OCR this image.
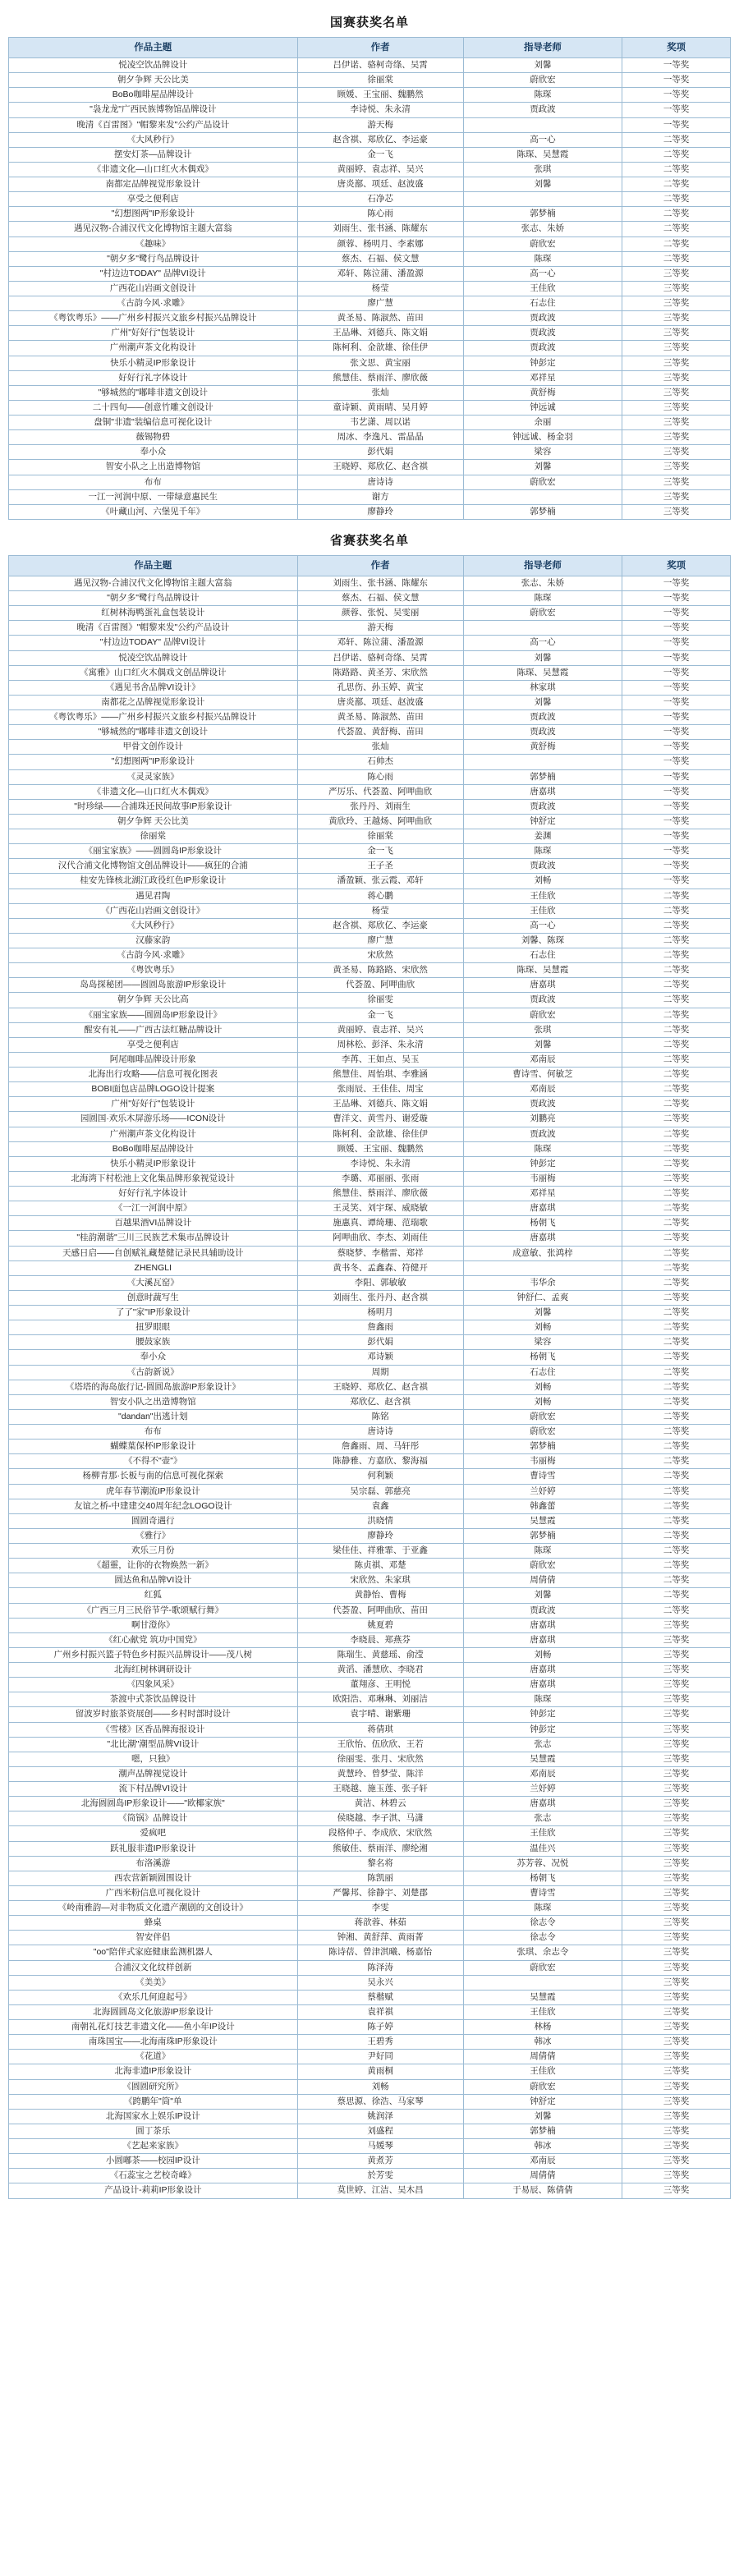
国赛获奖名单
作品主题	作者	指导老师	奖项
悦凌空饮品牌设计	吕伊诺、骆柯奇绦、吴霄	刘馨	一等奖
朝夕争辉 天公比美	徐丽棠	蔚欣宏	一等奖
BoBo咖啡屋品牌设计	顾媛、王宝丽、魏鹏然	陈琛	一等奖
"袅龙龙"广西民族博物馆品牌设计	李诗悦、朱永清	贾政波	一等奖
晚清《百雷图》"帽黎来发"公约产品设计	游天梅		一等奖
《大风秒行》	赵含祺、郑欣亿、李运豪	高一心	二等奖
摆安灯茶—品牌设计	金一飞	陈琛、吴慧霞	二等奖
《非遗文化—山口红火木偶戏》	黄丽婷、袁志祥、吴兴	张琪	二等奖
南都定品牌视觉形象设计	唐炎鄯、项廷、赵波盛	刘馨	二等奖
享受之便利店	石净芯		二等奖
"幻想图两"IP形象设计	陈心雨	郭梦楠	二等奖
遇见汉物-合浦汉代文化博物馆主题大富翁	刘雨生、张书涵、陈耀东	张志、朱娇	二等奖
《趣味》	颜蓉、杨明月、李素娜	蔚欣宏	二等奖
"朝夕多"鹭行鸟品牌设计	蔡杰、石福、侯文慧	陈琛	二等奖
"村边边TODAY" 品牌VI设计	邓轩、陈泣蒲、潘盈源	高一心	三等奖
广西花山岩画文创设计	杨莹	王佳欣	三等奖
《古韵今风·求雕》	廖广慧	石志住	三等奖
《粤饮粤乐》——广州乡村振兴文旅乡村振兴品牌设计	黄圣易、陈淑然、苗田	贾政波	三等奖
广州"好好行"包装设计	王品琳、刘德兵、陈文娟	贾政波	三等奖
广州潮声茶文化构设计	陈柯利、金歆雄、徐佳伊	贾政波	三等奖
快乐小精灵IP形象设计	张文思、黄宝丽	钟彭定	三等奖
好好行礼字体设计	熊慧佳、蔡雨洋、廖欣薇	邓祥星	三等奖
"够城然的"嘟啡非遗文创设计	张灿	黄舒梅	三等奖
二十四旬——创意竹雕文创设计	童诗颖、黄雨晴、吴月婷	钟远诚	三等奖
盘铜"非遗"装编信息可视化设计	韦艺潇、周以诺	余丽	三等奖
薇锡物碧	周冰、李逸凡、雷晶晶	钟远诚、杨金羽	三等奖
奉小众	彭代娟	梁容	三等奖
智安小队之上出造博物馆	王晓婷、郑欣亿、赵含祺	刘馨	三等奖
布布	唐诗诗	蔚欣宏	三等奖
一江一河润中原、一带绿意惠民生	谢方		三等奖
《叶藏山河、六堡见千年》	廖静玲	郭梦楠	三等奖
省赛获奖名单
作品主题	作者	指导老师	奖项
遇见汉物-合浦汉代文化博物馆主题大富翁	刘雨生、张书涵、陈耀东	张志、朱娇	一等奖
"朝夕多"鹭行鸟品牌设计	蔡杰、石福、侯文慧	陈琛	一等奖
红树林海鸭蛋礼盒包装设计	颜蓉、张悦、吴雯丽	蔚欣宏	一等奖
晚清《百雷图》"帽黎来发"公约产品设计	游天梅		一等奖
"村边边TODAY" 品牌VI设计	邓轩、陈泣蒲、潘盈源	高一心	一等奖
悦凌空饮品牌设计	吕伊诺、骆柯奇绦、吴霄	刘馨	一等奖
《寓雅》山口红火木偶戏文创品牌设计	陈路路、黄圣芳、宋欣然	陈琛、吴慧霞	一等奖
《遇见书舍品牌VI设计》	孔思伤、孙玉婷、黄宝	林家琪	一等奖
南都花之品牌视觉形象设计	唐炎鄯、项廷、赵波盛	刘馨	一等奖
《粤饮粤乐》——广州乡村振兴文旅乡村振兴品牌设计	黄圣易、陈淑然、苗田	贾政波	一等奖
"够城然的"嘟啡非遗文创设计	代荟盈、黄舒梅、苗田	贾政波	一等奖
甲骨文创作设计	张灿	黄舒梅	一等奖
"幻想图两"IP形象设计	石帅杰		一等奖
《灵灵家族》	陈心雨	郭梦楠	一等奖
《非遗文化—山口红火木偶戏》	严厉乐、代荟盈、阿呷曲欣	唐嘉琪	一等奖
"时珍绿——合浦珠还民间故事IP形象设计	张丹丹、刘雨生	贾政波	一等奖
朝夕争辉 天公比美	黄欣玲、王越炀、阿呷曲欣	钟舒定	一等奖
徐丽棠	徐丽棠	姜渊	一等奖
《丽宝家族》——圆圆岛IP形象设计	金一飞	陈琛	一等奖
汉代合浦文化博物馆文创品牌设计——疯狂的合浦	王子圣	贾政波	一等奖
桂安先锋核北湖江政役红色IP形象设计	潘盈颖、张云霞、邓轩	刘畅	一等奖
遇见君陶	蒋心鹏	王佳欣	二等奖
《广西花山岩画文创设计》	杨莹	王佳欣	二等奖
《大风秒行》	赵含祺、郑欣亿、李运豪	高一心	二等奖
汉藤家韵	廖广慧	刘馨、陈琛	二等奖
《古韵今风·求雕》	宋欣然	石志住	二等奖
《粤饮粤乐》	黄圣易、陈路路、宋欣然	陈琛、吴慧霞	二等奖
岛岛探秘团——圆圆岛旅游IP形象设计	代荟盈、阿呷曲欣	唐嘉琪	二等奖
朝夕争辉 天公比高	徐丽雯	贾政波	二等奖
《丽宝家族——圆圆岛IP形象设计》	金一飞	蔚欣宏	二等奖
醒安有礼——广西古法红糖品牌设计	黄丽婷、袁志祥、吴兴	张琪	二等奖
享受之便利店	周林松、彭泽、朱永清	刘馨	二等奖
阿尾咖啡品牌设计形象	李苒、王如点、吴玉	邓南辰	二等奖
北海出行攻略——信息可视化图表	熊慧佳、周怡琪、李雅涵	曹诗雪、何敏芝	二等奖
BOBI面包店品牌LOGO设计提案	张雨辰、王佳佳、周宝	邓南辰	二等奖
广州"好好行"包装设计	王品琳、刘德兵、陈文娟	贾政波	二等奖
园圆国·欢乐木屏游乐场——ICON设计	曹洋文、黄雪丹、谢爱璇	刘鹏亮	二等奖
广州潮声茶文化构设计	陈柯利、金歆雄、徐佳伊	贾政波	二等奖
BoBo咖啡屋品牌设计	顾媛、王宝丽、魏鹏然	陈琛	二等奖
快乐小精灵IP形象设计	李诗悦、朱永清	钟彭定	二等奖
北海湾下村松池上文化集品牌形象视觉设计	李璐、邓丽丽、张雨	韦丽梅	二等奖
好好行礼字体设计	熊慧佳、蔡雨洋、廖欣薇	邓祥星	二等奖
《一江一河润中原》	王灵笑、刘宇琛、威晓敏	唐嘉琪	二等奖
百越果酒VI品牌设计	施惠真、谭绮珊、范瑞歌	杨朝飞	二等奖
"桂韵潮谐"三川三民族艺术集市品牌设计	阿呷曲欣、李杰、刘雨佳	唐嘉琪	二等奖
天感日启——自创赋礼藏楚健记录民具辅助设计	蔡晓梦、李楷雷、郑祥	成意敏、张鸿梓	二等奖
ZHENGLI	黄书冬、孟鑫森、符健开		二等奖
《大溪瓦窑》	李阳、郭敏敏	韦华余	二等奖
创意时蔬写生	刘雨生、张丹丹、赵含祺	钟舒仁、孟爽	二等奖
了了"家"IP形象设计	杨明月	刘馨	二等奖
扭罗眼眼	詹鑫雨	刘畅	二等奖
腰鼓家族	彭代娟	梁容	二等奖
奉小众	邓诗颖	杨朝飞	二等奖
《古韵新说》	周期	石志住	二等奖
《塔塔的海岛旅行记-圆圆岛旅游IP形象设计》	王晓婷、郑欣亿、赵含祺	刘畅	二等奖
智安小队之出造博物馆	郑欣亿、赵含祺	刘畅	二等奖
"dandan"出逃计划	陈铭	蔚欣宏	二等奖
布布	唐诗诗	蔚欣宏	二等奖
蝴蝶葉保杯IP形象设计	詹鑫雨、周、马轩彤	郭梦楠	二等奖
《不得不"壶"》	陈静雅、方嘉欣、黎海福	韦丽梅	二等奖
杨柳青那·长板与南的信息可视化探索	何利颖	曹诗雪	二等奖
虎年春节潮流IP形象设计	吴宗磊、郭慈亮	兰妤婷	二等奖
友谊之桥-中建建交40周年纪念LOGO设计	袁鑫	韩鑫蕾	二等奖
圆圆奇遇行	洪晓情	吴慧霞	二等奖
《雅行》	廖静玲	郭梦楠	二等奖
欢乐三月份	梁佳佳、祥雅霏、于亚鑫	陈琛	二等奖
《超靈，让你的衣物焕然一新》	陈贞祺、邓楚	蔚欣宏	二等奖
圆达鱼和品牌VI设计	宋欣然、朱家琪	周倩倩	二等奖
红狐	黄静怡、曹梅	刘馨	二等奖
《广西三月三民俗节学-歌颂赋行舞》	代荟盈、阿呷曲欣、苗田	贾政波	二等奖
啊甘澄你》	姚夏碧	唐嘉琪	三等奖
《红心献党 筑功中国党》	李晓晨、郑燕芬	唐嘉琪	三等奖
广州乡村振兴篮子特色乡村振兴品牌设计——茂八树	陈瑞生、黄慈瑶、俞滢	刘畅	三等奖
北海红树林调研设计	黄滔、潘慧欣、李晓君	唐嘉琪	三等奖
《四象风采》	董翔彦、王明悦	唐嘉琪	三等奖
茶渡中式茶饮品牌设计	欧阳浩、邓琳琳、刘丽洁	陈琛	三等奖
留波岁时旅茶资展创——乡村时部时设计	袁宇晴、谢紫珊	钟彭定	三等奖
《雪楼》区香品牌海报设计	蒋倩琪	钟彭定	三等奖
"北比潮"潮型品牌VI设计	王欣怡、伍欣欣、王若	张志	三等奖
嗯，只独》	徐丽雯、张月、宋欣然	吴慧霞	三等奖
潮声品牌视觉设计	黄慧玲、曾梦莹、陈洋	邓南辰	三等奖
流下村品牌VI设计	王晓越、施玉莲、张子轩	兰妤婷	三等奖
北海圆圆岛IP形象设计——"欧椰家族"	黄洁、林碧云	唐嘉琪	三等奖
《筒锅》品牌设计	侯晓越、李子淇、马潇	张志	三等奖
爱疯吧	段格仲子、李成欣、宋欣然	王佳欣	三等奖
跃礼服非遗IP形象设计	熊敏佳、蔡雨洋、廖纶湘	温佳兴	三等奖
布洛溪游	黎名将	苏芳蓉、况悦	三等奖
西农营新颖圆围设计	陈凯丽	杨朝飞	三等奖
广西米粉信息可视化设计	严馨邦、徐静宇、刘楚郡	曹诗雪	三等奖
《岭南雅韵—对非物质文化遗产潮剧的文创设计》	李雯	陈琛	三等奖
蜂桌	蒋歆蓉、林茹	徐志令	三等奖
智安伴侣	钟湘、黄舒萍、黄雨菁	徐志令	三等奖
"oo"陪伴式家庭健康监测机器人	陈诗蓓、曾津淇曦、杨嘉怡	张琪、余志令	三等奖
合浦汉文化纹样创新	陈泽涛	蔚欣宏	三等奖
《美美》	吴永兴		三等奖
《欢乐几何迎起号》	蔡楷赋	吴慧霞	三等奖
北海圆圆岛文化旅游IP形象设计	袁祥祺	王佳欣	三等奖
南朝礼花灯技艺非遗文化——鱼小年IP设计	陈子婷	林杨	三等奖
南珠国宝——北海南珠IP形象设计	王碧秀	韩冰	三等奖
《花道》	尹好同	周倩倩	三等奖
北海非遗IP形象设计	黄雨桐	王佳欣	三等奖
《圆圆研究所》	刘畅	蔚欣宏	三等奖
《跨鹏年"筒"单	蔡思源、徐浩、马家琴	钟舒定	三等奖
北海国家水上娱乐IP设计	姚润泽	刘馨	三等奖
圆丁茶乐	刘盛程	郭梦楠	三等奖
《艺起来家族》	马媛琴	韩冰	三等奖
小圆嘟茶——校园IP设计	黄煮芳	邓南辰	三等奖
《石蕊宝之艺校奇峰》	於芳雯	周倩倩	三等奖
产品设计-莉莉IP形象设计	莫世婷、江洁、吴木昌	于易辰、陈倩倩	三等奖
